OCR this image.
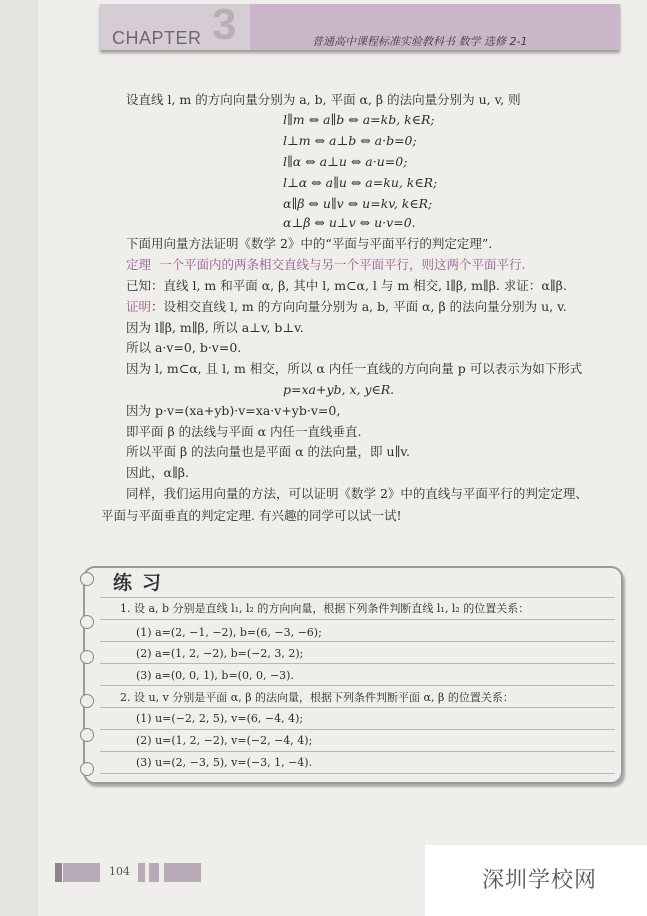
CHAPTER 3	普通高中课程标准实验教科书 数学 选修 2-1
设直线 l, m 的方向向量分别为 a, b, 平面 α, β 的法向量分别为 u, v, 则
l∥m ⇔ a∥b ⇔ a=kb, k∈R;
l⊥m ⇔ a⊥b ⇔ a·b=0;
l∥α ⇔ a⊥u ⇔ a·u=0;
l⊥α ⇔ a∥u ⇔ a=ku, k∈R;
α∥β ⇔ u∥v ⇔ u=kv, k∈R;
α⊥β ⇔ u⊥v ⇔ u·v=0.
下面用向量方法证明《数学 2》中的“平面与平面平行的判定定理”.
定理 一个平面内的两条相交直线与另一个平面平行，则这两个平面平行.
已知：直线 l, m 和平面 α, β, 其中 l, m⊂α, l 与 m 相交, l∥β, m∥β. 求证：α∥β.
证明：设相交直线 l, m 的方向向量分别为 a, b, 平面 α, β 的法向量分别为 u, v.
因为 l∥β, m∥β, 所以 a⊥v, b⊥v.
所以 a·v=0, b·v=0.
因为 l, m⊂α, 且 l, m 相交，所以 α 内任一直线的方向向量 p 可以表示为如下形式
p=xa+yb, x, y∈R.
因为 p·v=(xa+yb)·v=xa·v+yb·v=0,
即平面 β 的法线与平面 α 内任一直线垂直.
所以平面 β 的法向量也是平面 α 的法向量，即 u∥v.
因此，α∥β.
同样，我们运用向量的方法，可以证明《数学 2》中的直线与平面平行的判定定理、
平面与平面垂直的判定定理. 有兴趣的同学可以试一试!
练习
1. 设 a, b 分别是直线 l₁, l₂ 的方向向量，根据下列条件判断直线 l₁, l₂ 的位置关系：
(1) a=(2, −1, −2), b=(6, −3, −6);
(2) a=(1, 2, −2), b=(−2, 3, 2);
(3) a=(0, 0, 1), b=(0, 0, −3).
2. 设 u, v 分别是平面 α, β 的法向量，根据下列条件判断平面 α, β 的位置关系：
(1) u=(−2, 2, 5), v=(6, −4, 4);
(2) u=(1, 2, −2), v=(−2, −4, 4);
(3) u=(2, −3, 5), v=(−3, 1, −4).
104	深圳学校网
